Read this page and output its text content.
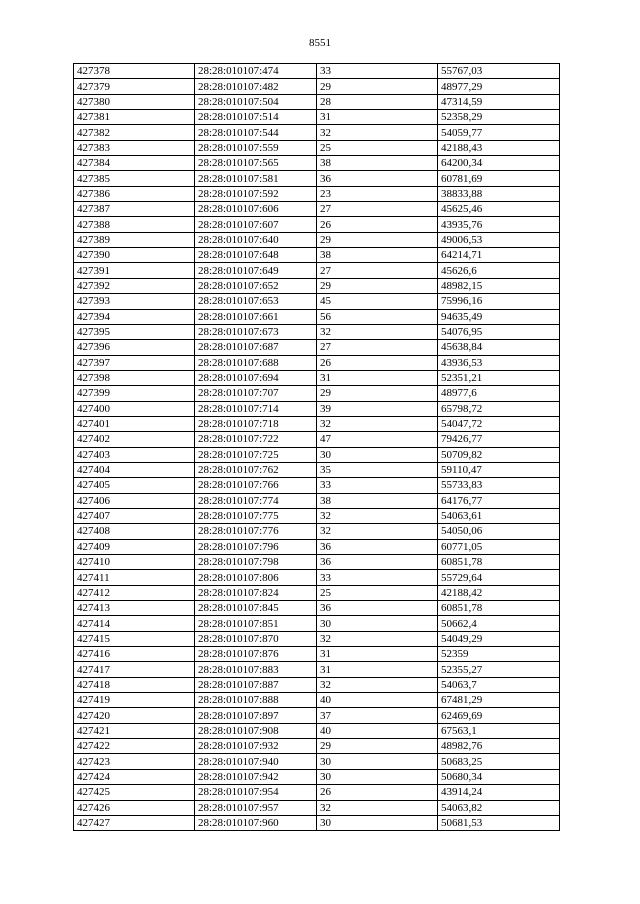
8551
427378	28:28:010107:474	33	55767,03
427379	28:28:010107:482	29	48977,29
427380	28:28:010107:504	28	47314,59
427381	28:28:010107:514	31	52358,29
427382	28:28:010107:544	32	54059,77
427383	28:28:010107:559	25	42188,43
427384	28:28:010107:565	38	64200,34
427385	28:28:010107:581	36	60781,69
427386	28:28:010107:592	23	38833,88
427387	28:28:010107:606	27	45625,46
427388	28:28:010107:607	26	43935,76
427389	28:28:010107:640	29	49006,53
427390	28:28:010107:648	38	64214,71
427391	28:28:010107:649	27	45626,6
427392	28:28:010107:652	29	48982,15
427393	28:28:010107:653	45	75996,16
427394	28:28:010107:661	56	94635,49
427395	28:28:010107:673	32	54076,95
427396	28:28:010107:687	27	45638,84
427397	28:28:010107:688	26	43936,53
427398	28:28:010107:694	31	52351,21
427399	28:28:010107:707	29	48977,6
427400	28:28:010107:714	39	65798,72
427401	28:28:010107:718	32	54047,72
427402	28:28:010107:722	47	79426,77
427403	28:28:010107:725	30	50709,82
427404	28:28:010107:762	35	59110,47
427405	28:28:010107:766	33	55733,83
427406	28:28:010107:774	38	64176,77
427407	28:28:010107:775	32	54063,61
427408	28:28:010107:776	32	54050,06
427409	28:28:010107:796	36	60771,05
427410	28:28:010107:798	36	60851,78
427411	28:28:010107:806	33	55729,64
427412	28:28:010107:824	25	42188,42
427413	28:28:010107:845	36	60851,78
427414	28:28:010107:851	30	50662,4
427415	28:28:010107:870	32	54049,29
427416	28:28:010107:876	31	52359
427417	28:28:010107:883	31	52355,27
427418	28:28:010107:887	32	54063,7
427419	28:28:010107:888	40	67481,29
427420	28:28:010107:897	37	62469,69
427421	28:28:010107:908	40	67563,1
427422	28:28:010107:932	29	48982,76
427423	28:28:010107:940	30	50683,25
427424	28:28:010107:942	30	50680,34
427425	28:28:010107:954	26	43914,24
427426	28:28:010107:957	32	54063,82
427427	28:28:010107:960	30	50681,53
